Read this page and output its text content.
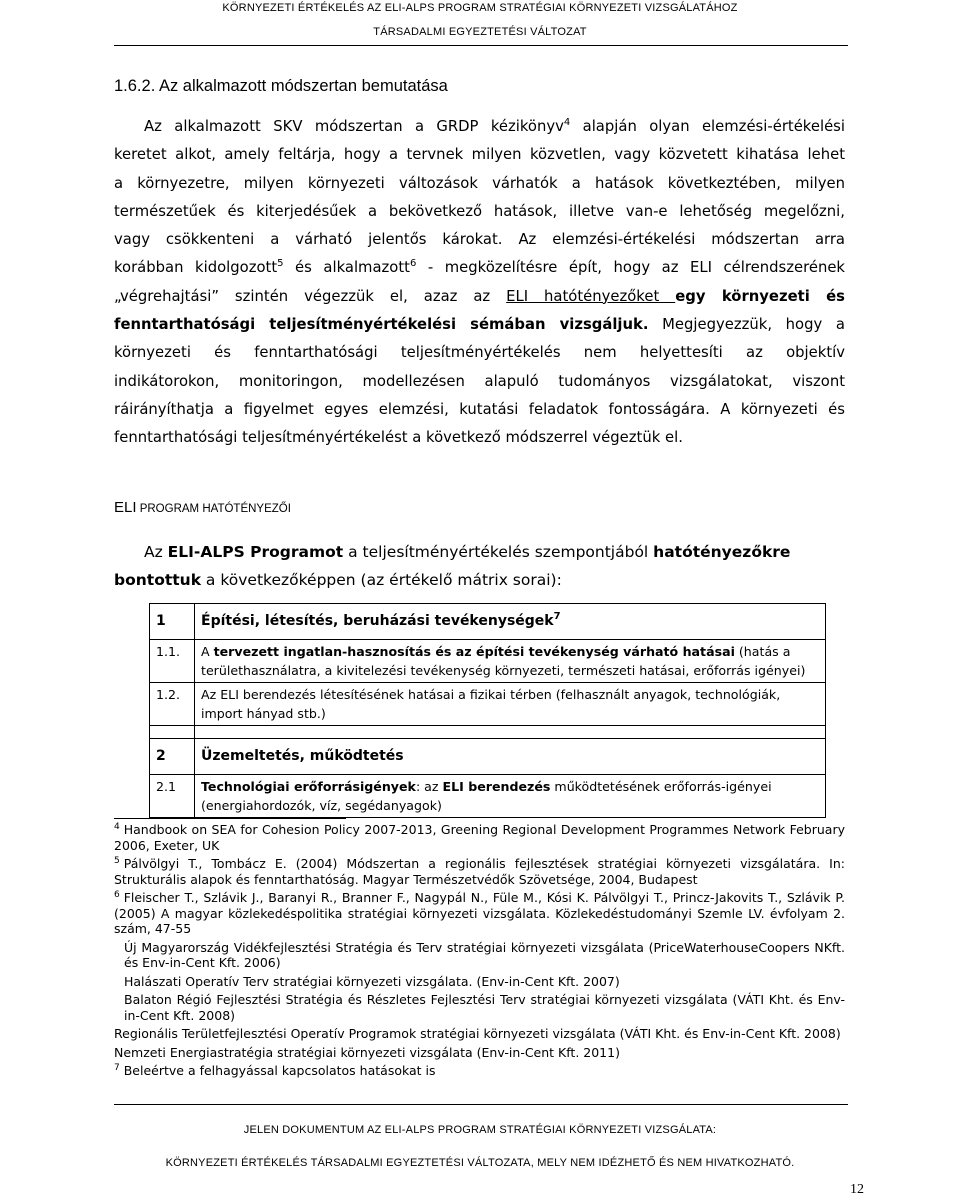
KÖRNYEZETI ÉRTÉKELÉS AZ ELI-ALPS PROGRAM STRATÉGIAI KÖRNYEZETI VIZSGÁLATÁHOZ
TÁRSADALMI EGYEZTETÉSI VÁLTOZAT
1.6.2. Az alkalmazott módszertan bemutatása
Az alkalmazott SKV módszertan a GRDP kézikönyv$^4$ alapján olyan elemzési-értékelési
keretet alkot, amely feltárja, hogy a tervnek milyen közvetlen, vagy közvetett kihatása lehet
a környezetre, milyen környezeti változások várhatók a hatások következtében, milyen
természetűek és kiterjedésűek a bekövetkező hatások, illetve van-e lehetőség megelőzni,
vagy csökkenteni a várható jelentős károkat. Az elemzési-értékelési módszertan arra
korábban kidolgozott$^5$ és alkalmazott$^6$ - megközelítésre épít, hogy az ELI célrendszerének
„végrehajtási” szintén végezzük el, azaz az ELI hatótényezőket egy környezeti és
fenntarthatósági teljesítményértékelési sémában vizsgáljuk. Megjegyezzük, hogy a
környezeti és fenntarthatósági teljesítményértékelés nem helyettesíti az objektív
indikátorokon, monitoringon, modellezésen alapuló tudományos vizsgálatokat, viszont
ráirányíthatja a figyelmet egyes elemzési, kutatási feladatok fontosságára. A környezeti és
fenntarthatósági teljesítményértékelést a következő módszerrel végeztük el.
ELI PROGRAM HATÓTÉNYEZŐI
Az ELI-ALPS Programot a teljesítményértékelés szempontjából hatótényezőkre bontottuk a következőképpen (az értékelő mátrix sorai):
1	Építési, létesítés, beruházási tevékenységek$^7$
1.1.	A tervezett ingatlan-hasznosítás és az építési tevékenység várható hatásai (hatás a területhasználatra, a kivitelezési tevékenység környezeti, természeti hatásai, erőforrás igényei)
1.2.	Az ELI berendezés létesítésének hatásai a fizikai térben (felhasznált anyagok, technológiák, import hányad stb.)

2	Üzemeltetés, működtetés
2.1	Technológiai erőforrásigények: az ELI berendezés működtetésének erőforrás-igényei (energiahordozók, víz, segédanyagok)
$^4$ Handbook on SEA for Cohesion Policy 2007-2013, Greening Regional Development Programmes Network February 2006, Exeter, UK
$^5$ Pálvölgyi T., Tombácz E. (2004) Módszertan a regionális fejlesztések stratégiai környezeti vizsgálatára. In: Strukturális alapok és fenntarthatóság. Magyar Természetvédők Szövetsége, 2004, Budapest
$^6$ Fleischer T., Szlávik J., Baranyi R., Branner F., Nagypál N., Füle M., Kósi K. Pálvölgyi T., Princz-Jakovits T., Szlávik P. (2005) A magyar közlekedéspolitika stratégiai környezeti vizsgálata. Közlekedéstudományi Szemle LV. évfolyam 2. szám, 47-55
Új Magyarország Vidékfejlesztési Stratégia és Terv stratégiai környezeti vizsgálata (PriceWaterhouseCoopers NKft. és Env-in-Cent Kft. 2006)
Halászati Operatív Terv stratégiai környezeti vizsgálata. (Env-in-Cent Kft. 2007)
Balaton Régió Fejlesztési Stratégia és Részletes Fejlesztési Terv stratégiai környezeti vizsgálata (VÁTI Kht. és Env-in-Cent Kft. 2008)
Regionális Területfejlesztési Operatív Programok stratégiai környezeti vizsgálata (VÁTI Kht. és Env-in-Cent Kft. 2008)
Nemzeti Energiastratégia stratégiai környezeti vizsgálata (Env-in-Cent Kft. 2011)
$^7$ Beleértve a felhagyással kapcsolatos hatásokat is
JELEN DOKUMENTUM AZ ELI-ALPS PROGRAM STRATÉGIAI KÖRNYEZETI VIZSGÁLATA:
KÖRNYEZETI ÉRTÉKELÉS TÁRSADALMI EGYEZTETÉSI VÁLTOZATA, MELY NEM IDÉZHETŐ ÉS NEM HIVATKOZHATÓ.
12
